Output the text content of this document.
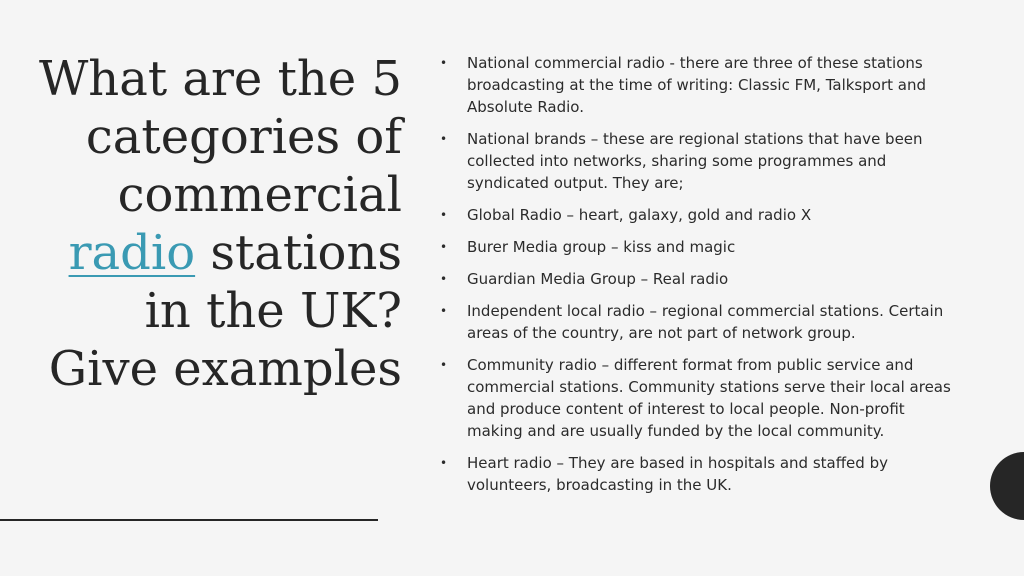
What are the 5
categories of
commercial
radio stations
in the UK?
Give examples
• National commercial radio - there are three of these stations broadcasting at the time of writing: Classic FM, Talksport and Absolute Radio.
• National brands – these are regional stations that have been collected into networks, sharing some programmes and syndicated output. They are;
• Global Radio – heart, galaxy, gold and radio X
• Burer Media group – kiss and magic
• Guardian Media Group – Real radio
• Independent local radio – regional commercial stations. Certain areas of the country, are not part of network group.
• Community radio – different format from public service and commercial stations. Community stations serve their local areas and produce content of interest to local people. Non-profit making and are usually funded by the local community.
• Heart radio – They are based in hospitals and staffed by volunteers, broadcasting in the UK.
